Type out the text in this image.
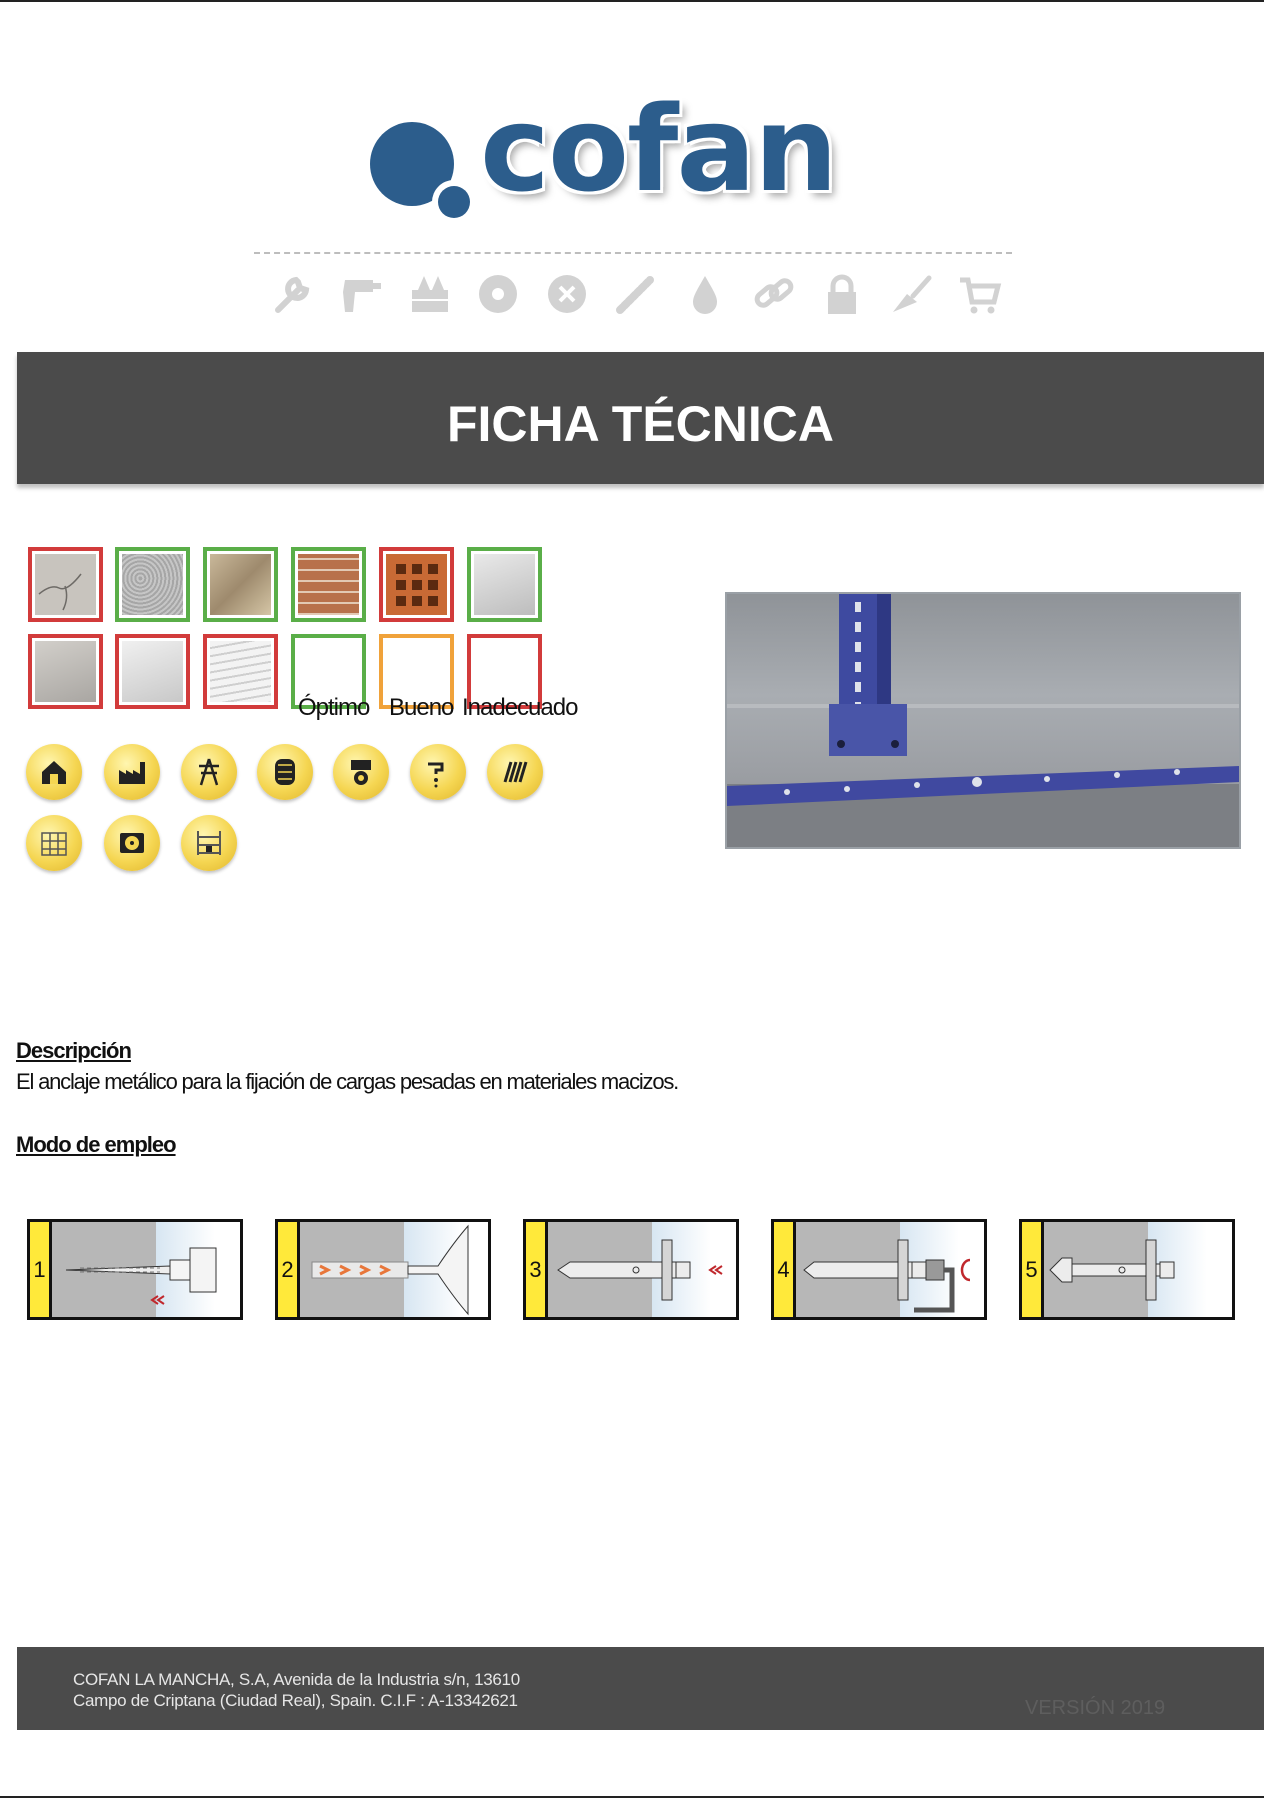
cofan
FICHA TÉCNICA
Óptimo Bueno Inadecuado
Descripción
El anclaje metálico para la fijación de cargas pesadas en materiales macizos.
Modo de empleo
1	2	3	4	5
COFAN LA MANCHA, S.A, Avenida de la Industria s/n, 13610
Campo de Criptana (Ciudad Real), Spain. C.I.F : A-13342621	VERSIÓN 2019
